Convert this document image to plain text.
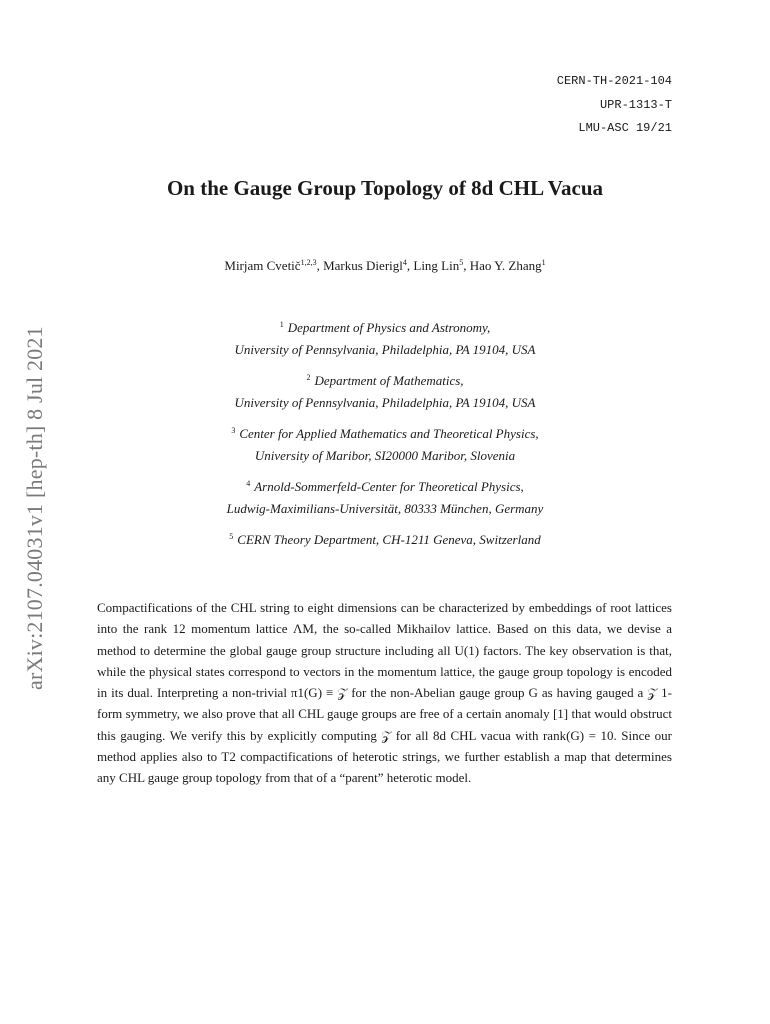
CERN-TH-2021-104
UPR-1313-T
LMU-ASC 19/21
On the Gauge Group Topology of 8d CHL Vacua
Mirjam Cvetič$^{1,2,3}$, Markus Dierigl$^4$, Ling Lin$^5$, Hao Y. Zhang$^1$
$^1$ Department of Physics and Astronomy,
University of Pennsylvania, Philadelphia, PA 19104, USA
$^2$ Department of Mathematics,
University of Pennsylvania, Philadelphia, PA 19104, USA
$^3$ Center for Applied Mathematics and Theoretical Physics,
University of Maribor, SI20000 Maribor, Slovenia
$^4$ Arnold-Sommerfeld-Center for Theoretical Physics,
Ludwig-Maximilians-Universität, 80333 München, Germany
$^5$ CERN Theory Department, CH-1211 Geneva, Switzerland
arXiv:2107.04031v1 [hep-th] 8 Jul 2021	Compactifications of the CHL string to eight dimensions can be characterized by embeddings of root lattices into the rank 12 momentum lattice ΛM, the so-called Mikhailov lattice. Based on this data, we devise a method to determine the global gauge group structure including all U(1) factors. The key observation is that, while the physical states correspond to vectors in the momentum lattice, the gauge group topology is encoded in its dual. Interpreting a non-trivial π1(G) ≡ 𝒵 for the non-Abelian gauge group G as having gauged a 𝒵 1-form symmetry, we also prove that all CHL gauge groups are free of a certain anomaly [1] that would obstruct this gauging. We verify this by explicitly computing 𝒵 for all 8d CHL vacua with rank(G) = 10. Since our method applies also to T2 compactifications of heterotic strings, we further establish a map that determines any CHL gauge group topology from that of a “parent” heterotic model.
